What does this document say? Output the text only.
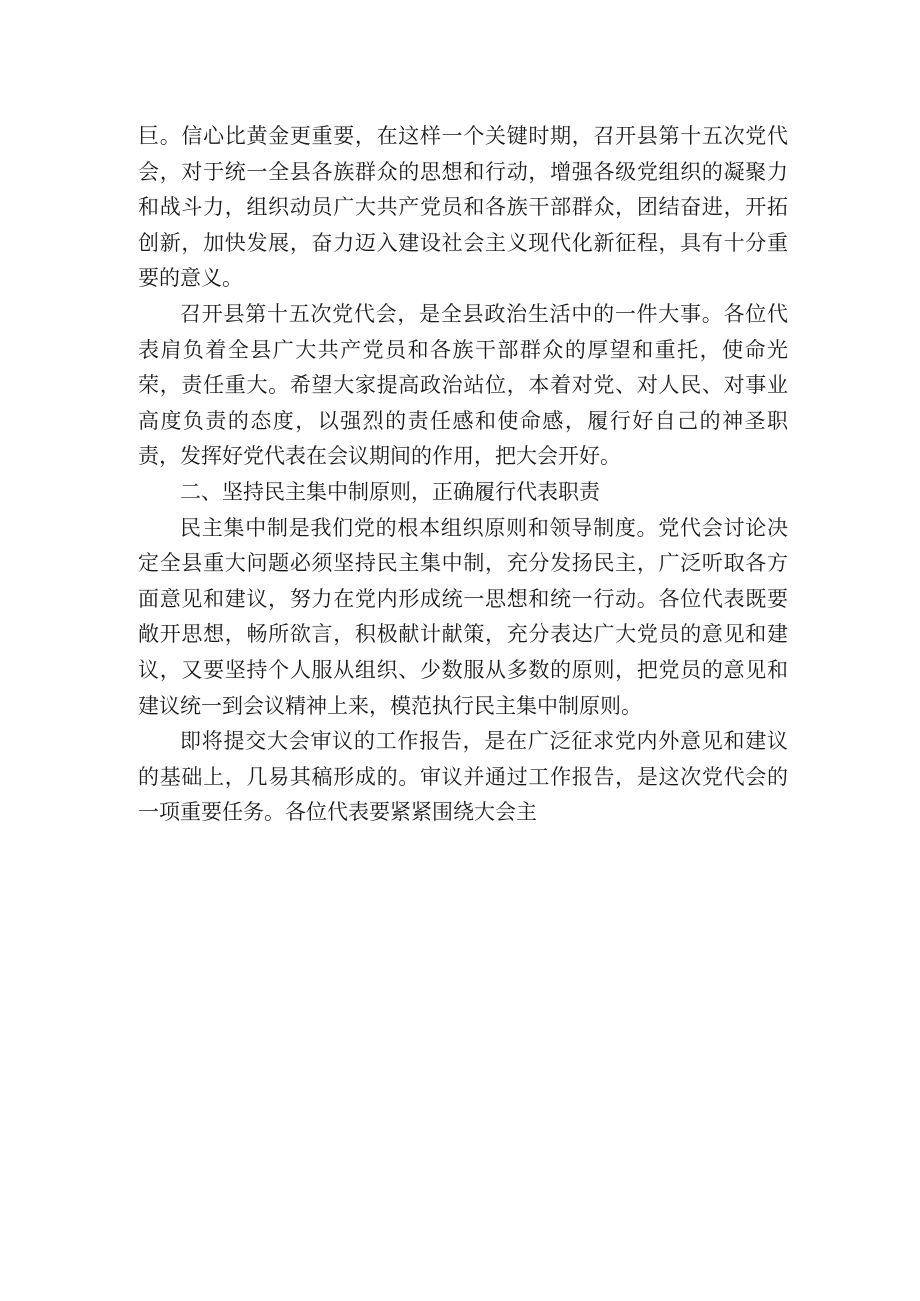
巨。信心比黄金更重要，在这样一个关键时期，召开县第十五次党代会，对于统一全县各族群众的思想和行动，增强各级党组织的凝聚力和战斗力，组织动员广大共产党员和各族干部群众，团结奋进，开拓创新，加快发展，奋力迈入建设社会主义现代化新征程，具有十分重要的意义。

召开县第十五次党代会，是全县政治生活中的一件大事。各位代表肩负着全县广大共产党员和各族干部群众的厚望和重托，使命光荣，责任重大。希望大家提高政治站位，本着对党、对人民、对事业高度负责的态度，以强烈的责任感和使命感，履行好自己的神圣职责，发挥好党代表在会议期间的作用，把大会开好。

二、坚持民主集中制原则，正确履行代表职责

民主集中制是我们党的根本组织原则和领导制度。党代会讨论决定全县重大问题必须坚持民主集中制，充分发扬民主，广泛听取各方面意见和建议，努力在党内形成统一思想和统一行动。各位代表既要敞开思想，畅所欲言，积极献计献策，充分表达广大党员的意见和建议，又要坚持个人服从组织、少数服从多数的原则，把党员的意见和建议统一到会议精神上来，模范执行民主集中制原则。

即将提交大会审议的工作报告，是在广泛征求党内外意见和建议的基础上，几易其稿形成的。审议并通过工作报告，是这次党代会的一项重要任务。各位代表要紧紧围绕大会主
